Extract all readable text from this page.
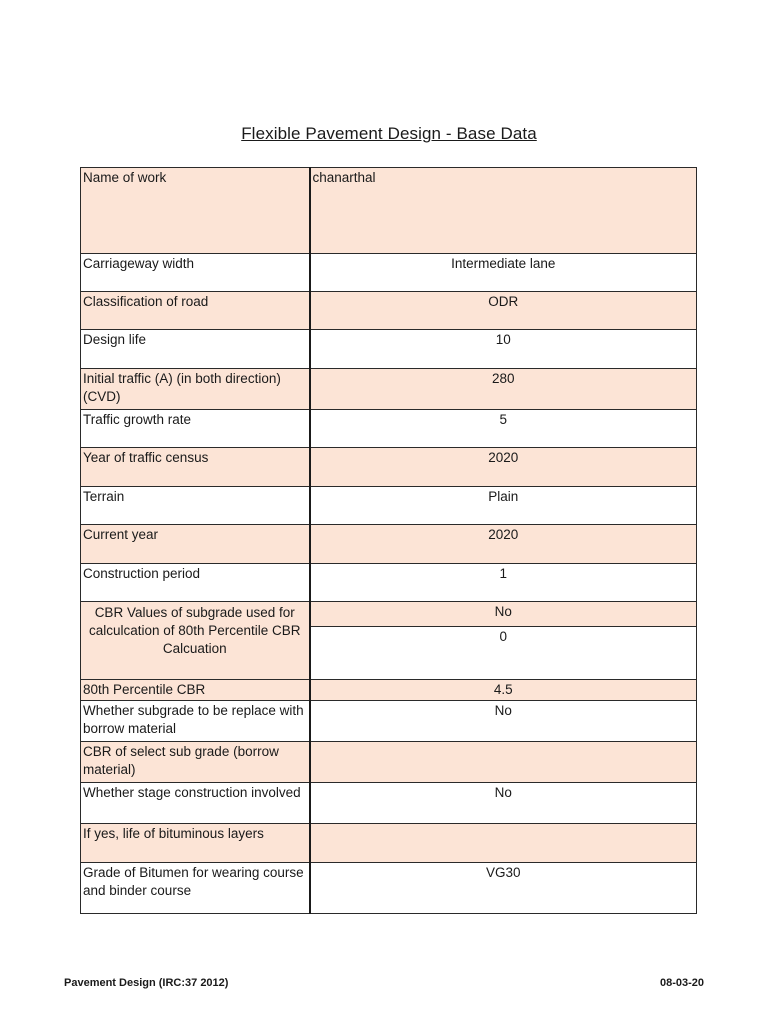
Flexible Pavement Design - Base Data
Name of work	chanarthal
Carriageway width	Intermediate lane
Classification of road	ODR
Design life	10
Initial traffic (A) (in both direction) (CVD)	280
Traffic growth rate	5
Year of traffic census	2020
Terrain	Plain
Current year	2020
Construction period	1
CBR Values of subgrade used for calculcation of 80th Percentile CBR Calcuation	No
	0
80th Percentile CBR	4.5
Whether subgrade to be replace with borrow material	No
CBR of select sub grade (borrow material)	
Whether stage construction involved	No
If yes, life of bituminous layers	
Grade of Bitumen for wearing course and binder course	VG30
Pavement Design (IRC:37 2012)	08-03-20
